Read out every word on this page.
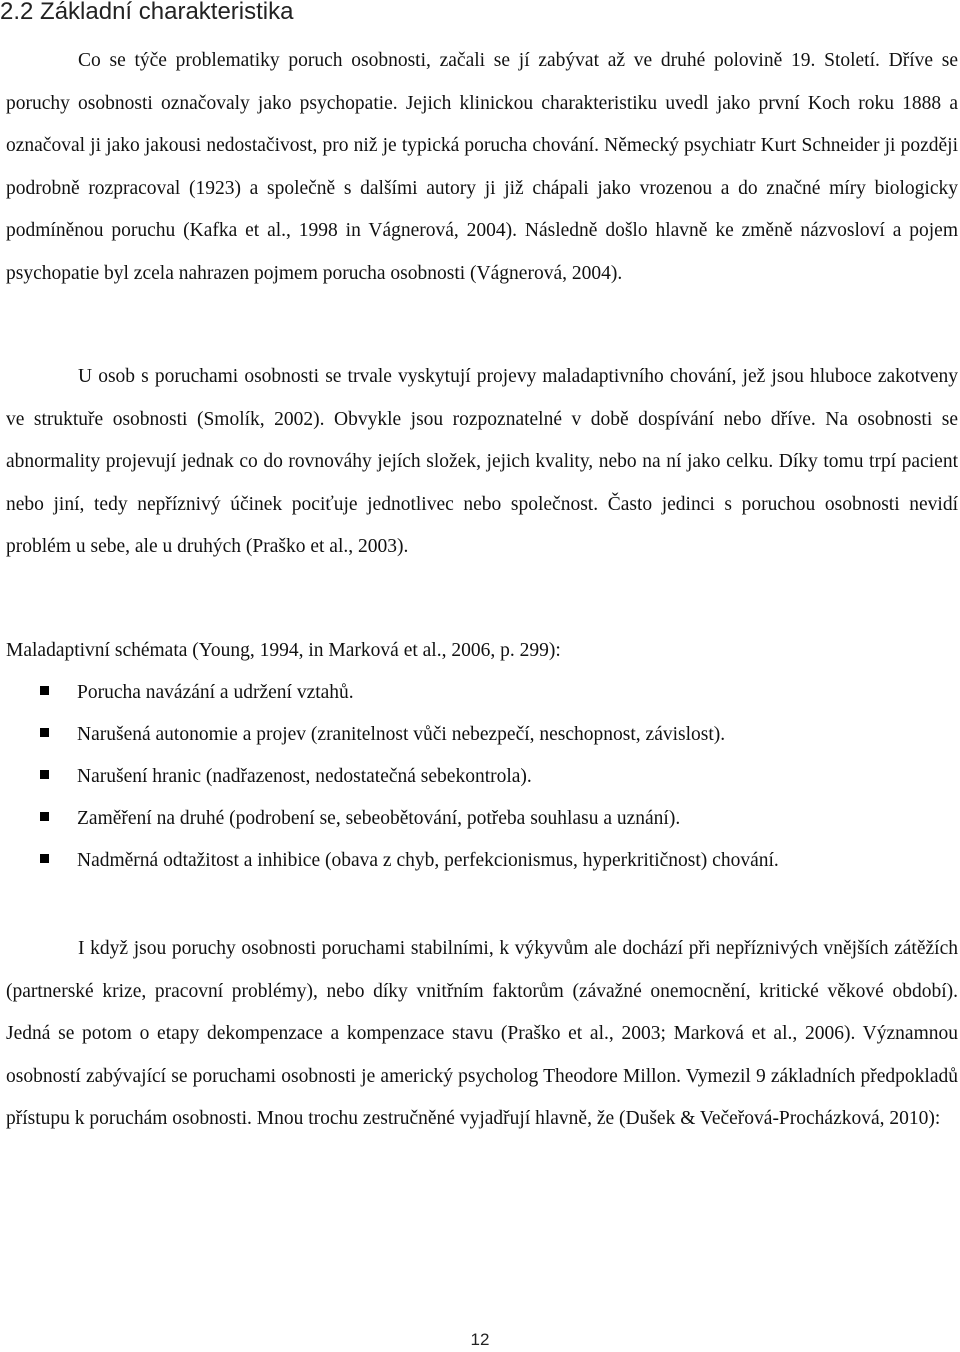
2.2 Základní charakteristika

Co se týče problematiky poruch osobnosti, začali se jí zabývat až ve druhé polovině 19. Století. Dříve se poruchy osobnosti označovaly jako psychopatie. Jejich klinickou charakteristiku uvedl jako první Koch roku 1888 a označoval ji jako jakousi nedostačivost, pro niž je typická porucha chování. Německý psychiatr Kurt Schneider ji později podrobně rozpracoval (1923) a společně s dalšími autory ji již chápali jako vrozenou a do značné míry biologicky podmíněnou poruchu (Kafka et al., 1998 in Vágnerová, 2004). Následně došlo hlavně ke změně názvosloví a pojem psychopatie byl zcela nahrazen pojmem porucha osobnosti (Vágnerová, 2004).

U osob s poruchami osobnosti se trvale vyskytují projevy maladaptivního chování, jež jsou hluboce zakotveny ve struktuře osobnosti (Smolík, 2002). Obvykle jsou rozpoznatelné v době dospívání nebo dříve. Na osobnosti se abnormality projevují jednak co do rovnováhy jejích složek, jejich kvality, nebo na ní jako celku. Díky tomu trpí pacient nebo jiní, tedy nepříznivý účinek pociťuje jednotlivec nebo společnost. Často jedinci s poruchou osobnosti nevidí problém u sebe, ale u druhých (Praško et al., 2003).

Maladaptivní schémata (Young, 1994, in Marková et al., 2006, p. 299):

Porucha navázání a udržení vztahů.
Narušená autonomie a projev (zranitelnost vůči nebezpečí, neschopnost, závislost).
Narušení hranic (nadřazenost, nedostatečná sebekontrola).
Zaměření na druhé (podrobení se, sebeobětování, potřeba souhlasu a uznání).
Nadměrná odtažitost a inhibice (obava z chyb, perfekcionismus, hyperkritičnost) chování.

I když jsou poruchy osobnosti poruchami stabilními, k výkyvům ale dochází při nepříznivých vnějších zátěžích (partnerské krize, pracovní problémy), nebo díky vnitřním faktorům (závažné onemocnění, kritické věkové období). Jedná se potom o etapy dekompenzace a kompenzace stavu (Praško et al., 2003; Marková et al., 2006). Významnou osobností zabývající se poruchami osobnosti je americký psycholog Theodore Millon. Vymezil 9 základních předpokladů přístupu k poruchám osobnosti. Mnou trochu zestručněné vyjadřují hlavně, že (Dušek & Večeřová-Procházková, 2010):

12
